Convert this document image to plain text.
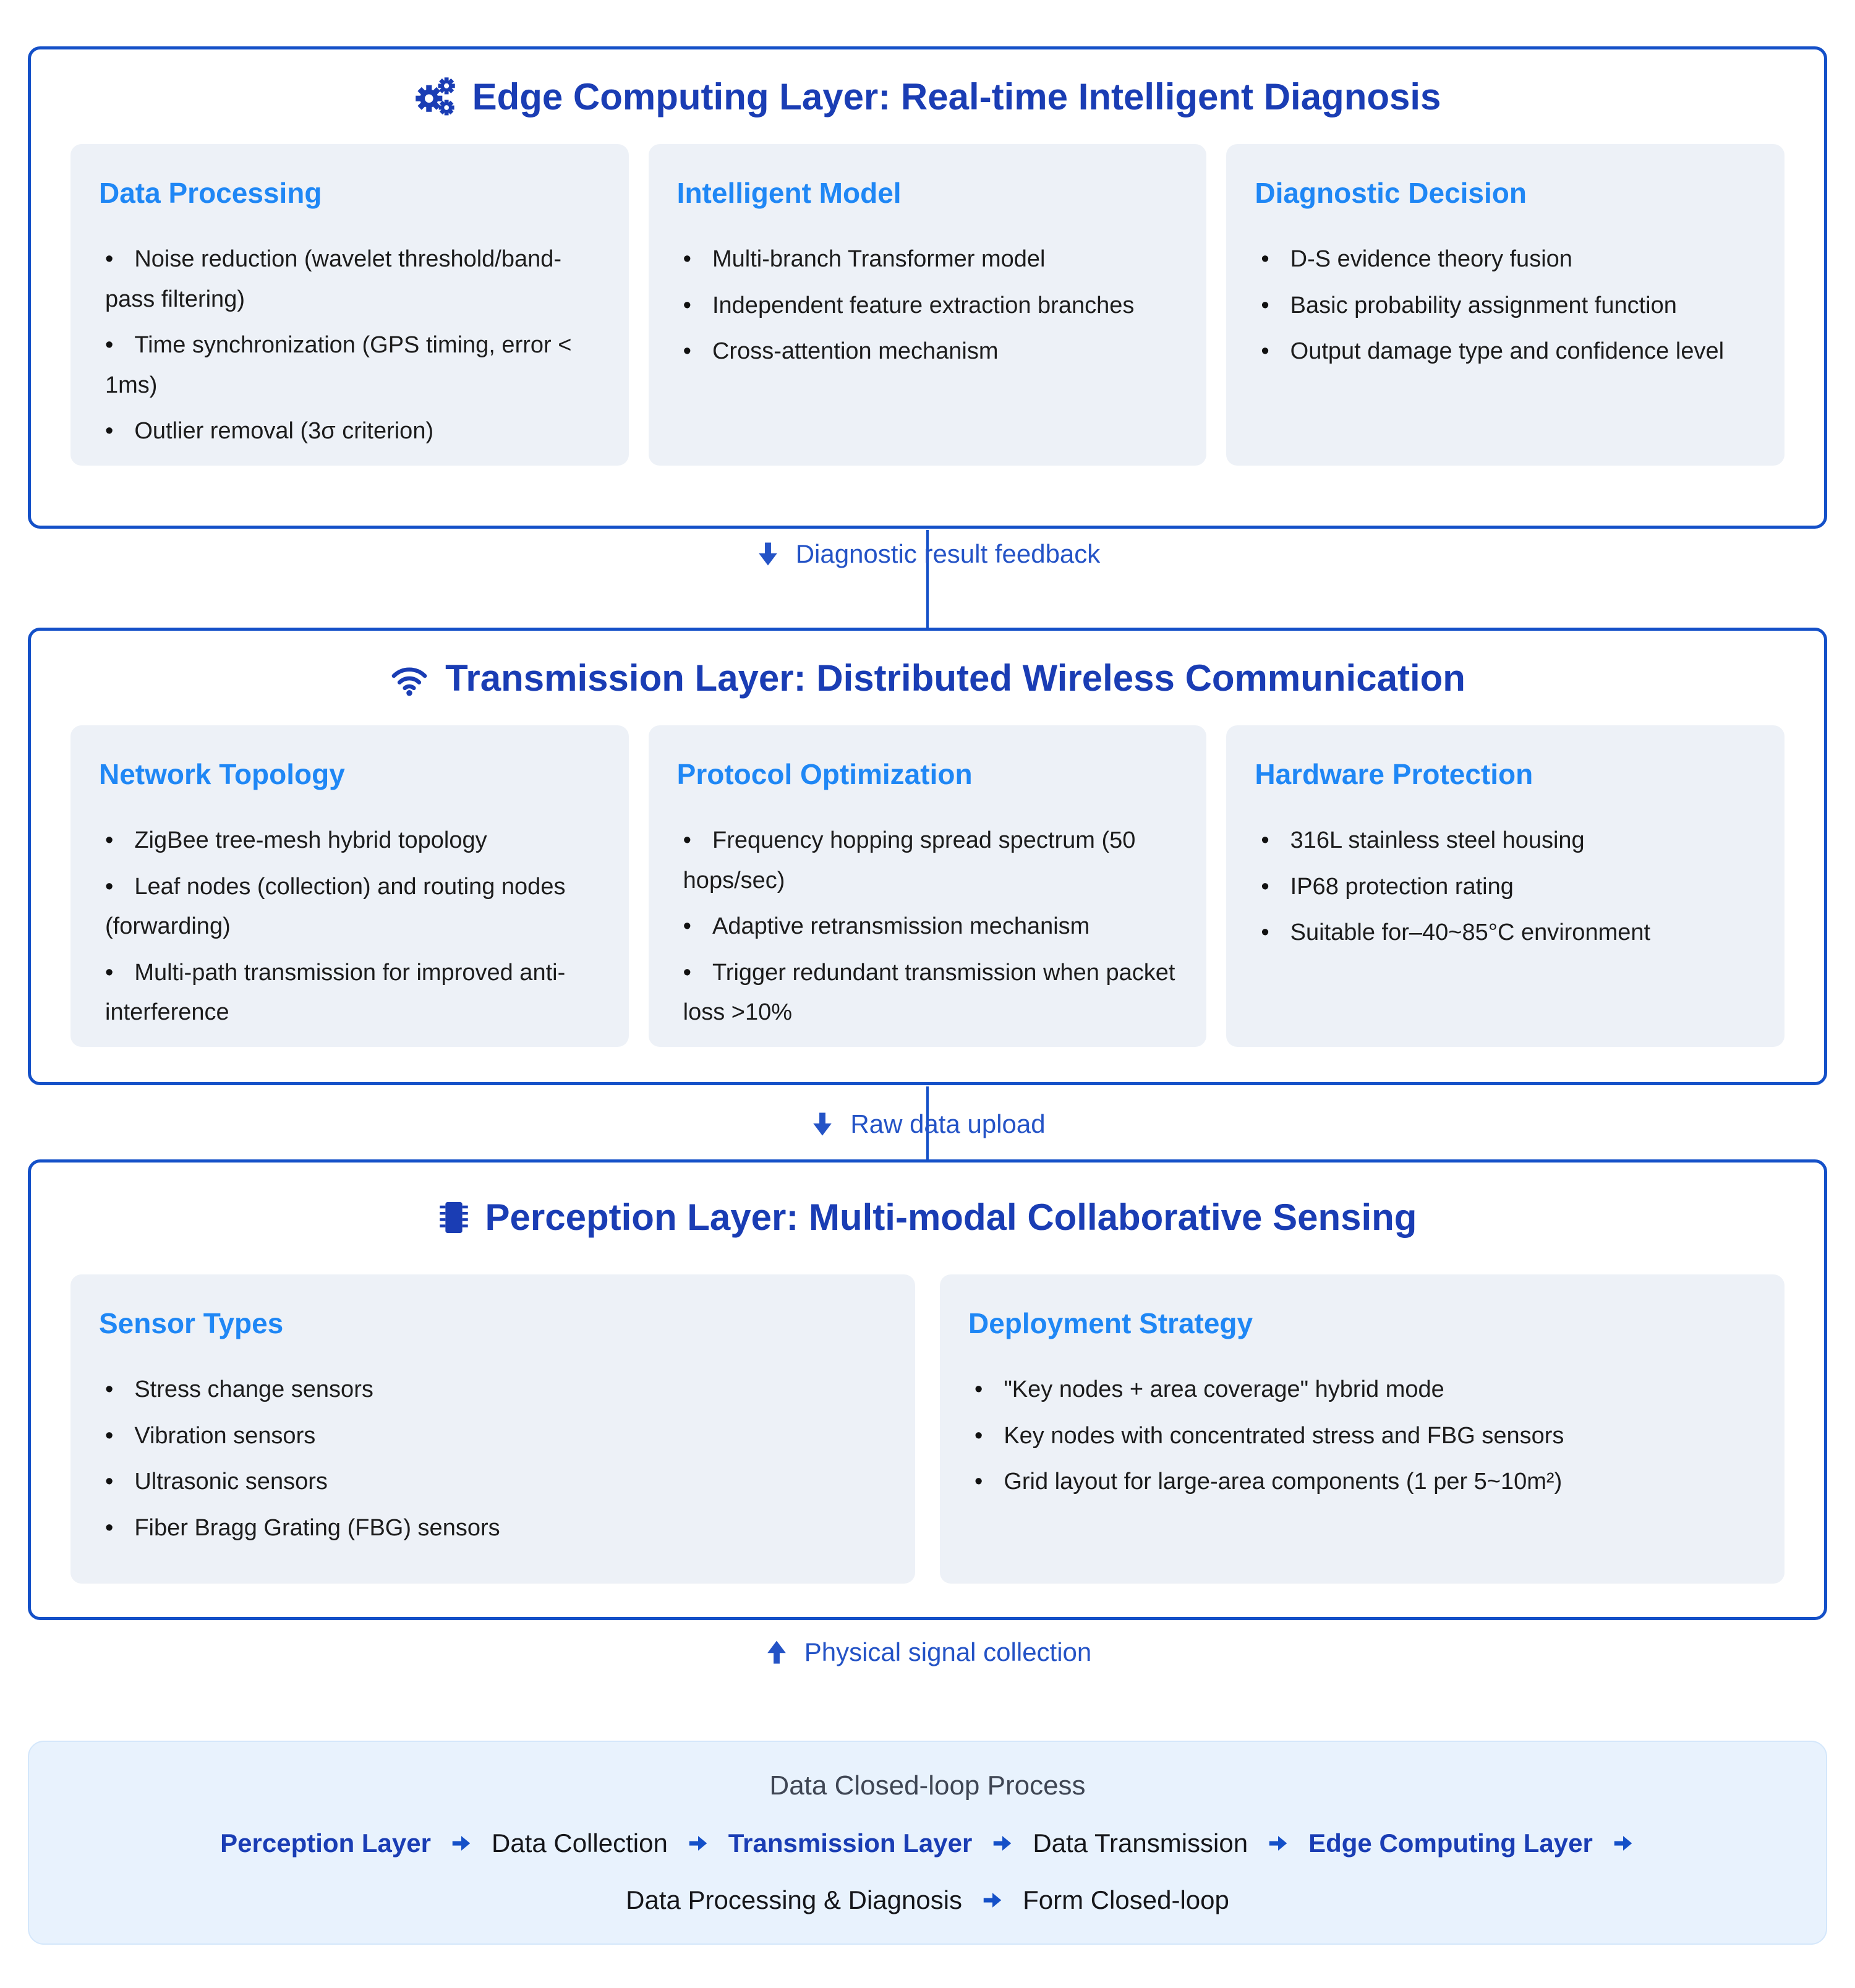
Edge Computing Layer: Real-time Intelligent Diagnosis
Data Processing
• Noise reduction (wavelet threshold/band-pass filtering)
• Time synchronization (GPS timing, error < 1ms)
• Outlier removal (3σ criterion)
Intelligent Model
• Multi-branch Transformer model
• Independent feature extraction branches
• Cross-attention mechanism
Diagnostic Decision
• D-S evidence theory fusion
• Basic probability assignment function
• Output damage type and confidence level
Diagnostic result feedback
Transmission Layer: Distributed Wireless Communication
Network Topology
• ZigBee tree-mesh hybrid topology
• Leaf nodes (collection) and routing nodes (forwarding)
• Multi-path transmission for improved anti-interference
Protocol Optimization
• Frequency hopping spread spectrum (50 hops/sec)
• Adaptive retransmission mechanism
• Trigger redundant transmission when packet loss >10%
Hardware Protection
• 316L stainless steel housing
• IP68 protection rating
• Suitable for–40~85°C environment
Raw data upload
Perception Layer: Multi-modal Collaborative Sensing
Sensor Types
• Stress change sensors
• Vibration sensors
• Ultrasonic sensors
• Fiber Bragg Grating (FBG) sensors
Deployment Strategy
• "Key nodes + area coverage" hybrid mode
• Key nodes with concentrated stress and FBG sensors
• Grid layout for large-area components (1 per 5~10m²)
Physical signal collection
Data Closed-loop Process
Perception Layer Data Collection Transmission Layer Data Transmission Edge Computing Layer
Data Processing & Diagnosis Form Closed-loop
